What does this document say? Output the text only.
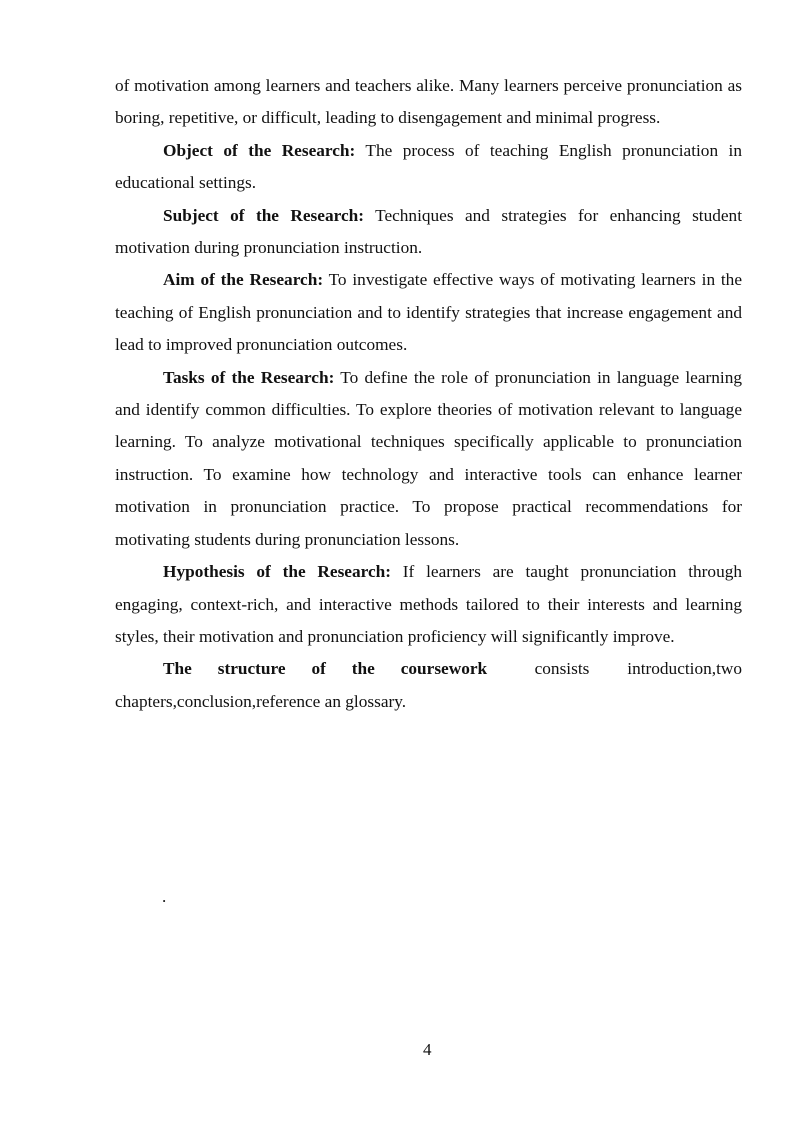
of motivation among learners and teachers alike. Many learners perceive pronunciation as boring, repetitive, or difficult, leading to disengagement and minimal progress.

Object of the Research: The process of teaching English pronunciation in educational settings.

Subject of the Research: Techniques and strategies for enhancing student motivation during pronunciation instruction.

Aim of the Research: To investigate effective ways of motivating learners in the teaching of English pronunciation and to identify strategies that increase engagement and lead to improved pronunciation outcomes.

Tasks of the Research: To define the role of pronunciation in language learning and identify common difficulties. To explore theories of motivation relevant to language learning. To analyze motivational techniques specifically applicable to pronunciation instruction. To examine how technology and interactive tools can enhance learner motivation in pronunciation practice. To propose practical recommendations for motivating students during pronunciation lessons.

Hypothesis of the Research: If learners are taught pronunciation through engaging, context-rich, and interactive methods tailored to their interests and learning styles, their motivation and pronunciation proficiency will significantly improve.

The structure of the coursework	consists introduction,two

chapters,conclusion,reference an glossary.

.
4
